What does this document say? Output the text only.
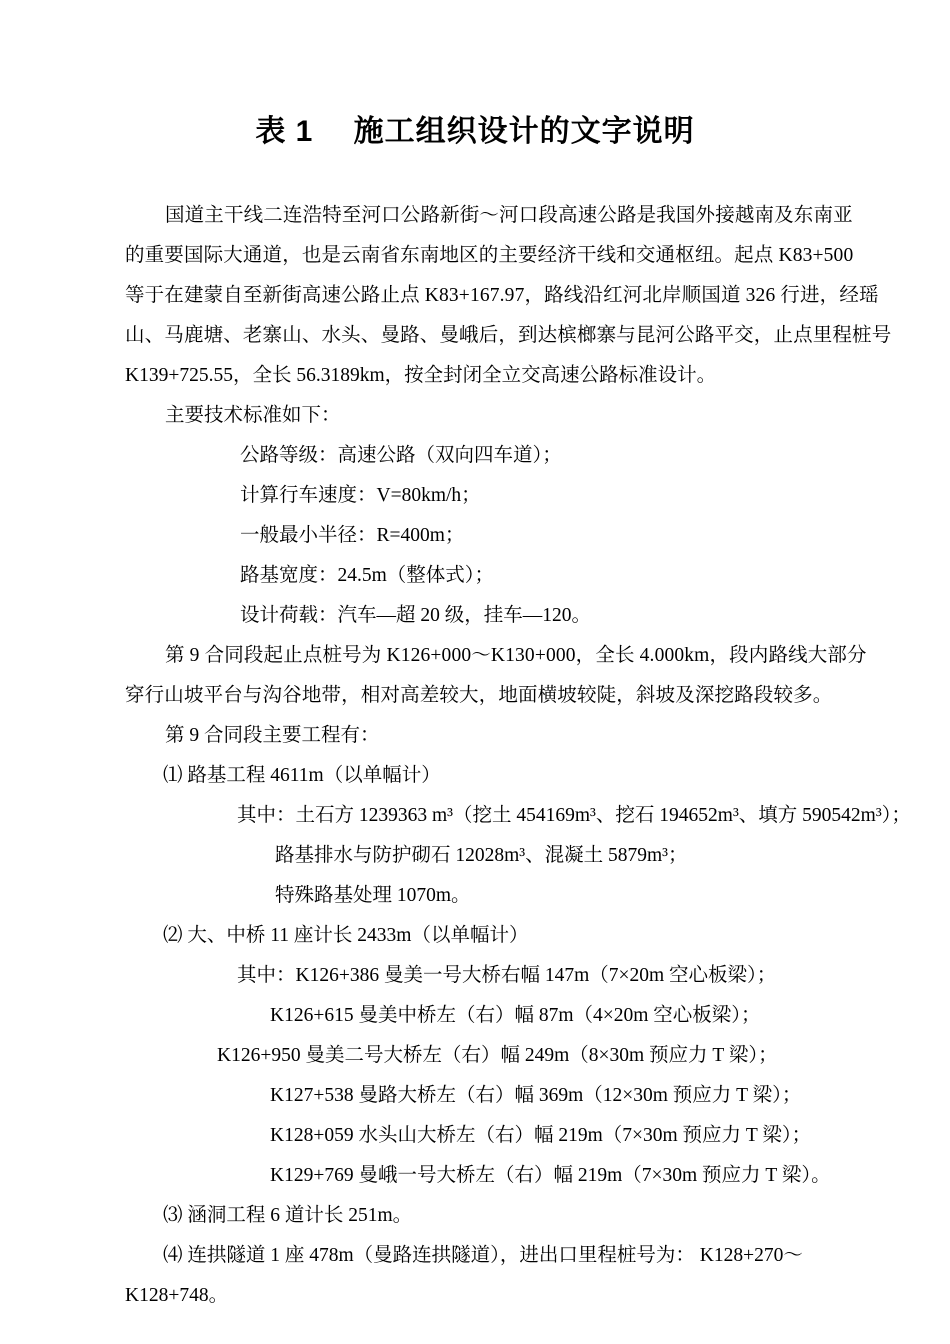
表 1  施工组织设计的文字说明
国道主干线二连浩特至河口公路新街～河口段高速公路是我国外接越南及东南亚
的重要国际大通道，也是云南省东南地区的主要经济干线和交通枢纽。起点 K83+500
等于在建蒙自至新街高速公路止点 K83+167.97，路线沿红河北岸顺国道 326 行进，经瑶
山、马鹿塘、老寨山、水头、曼路、曼峨后，到达槟榔寨与昆河公路平交，止点里程桩号
K139+725.55，全长 56.3189km，按全封闭全立交高速公路标准设计。
主要技术标准如下：
公路等级：高速公路（双向四车道）；
计算行车速度：V=80km/h；
一般最小半径：R=400m；
路基宽度：24.5m（整体式）；
设计荷载：汽车—超 20 级，挂车—120。
第 9 合同段起止点桩号为 K126+000～K130+000，全长 4.000km，段内路线大部分
穿行山坡平台与沟谷地带，相对高差较大，地面横坡较陡，斜坡及深挖路段较多。
第 9 合同段主要工程有：
⑴ 路基工程 4611m（以单幅计）
其中：土石方 1239363 m³（挖土 454169m³、挖石 194652m³、填方 590542m³）；
路基排水与防护砌石 12028m³、混凝土 5879m³；
特殊路基处理 1070m。
⑵ 大、中桥 11 座计长 2433m（以单幅计）
其中：K126+386 曼美一号大桥右幅 147m（7×20m 空心板梁）；
K126+615 曼美中桥左（右）幅 87m（4×20m 空心板梁）；
K126+950 曼美二号大桥左（右）幅 249m（8×30m 预应力 T 梁）；
K127+538 曼路大桥左（右）幅 369m（12×30m 预应力 T 梁）；
K128+059 水头山大桥左（右）幅 219m（7×30m 预应力 T 梁）；
K129+769 曼峨一号大桥左（右）幅 219m（7×30m 预应力 T 梁）。
⑶ 涵洞工程 6 道计长 251m。
⑷ 连拱隧道 1 座 478m（曼路连拱隧道），进出口里程桩号为： K128+270～
K128+748。
